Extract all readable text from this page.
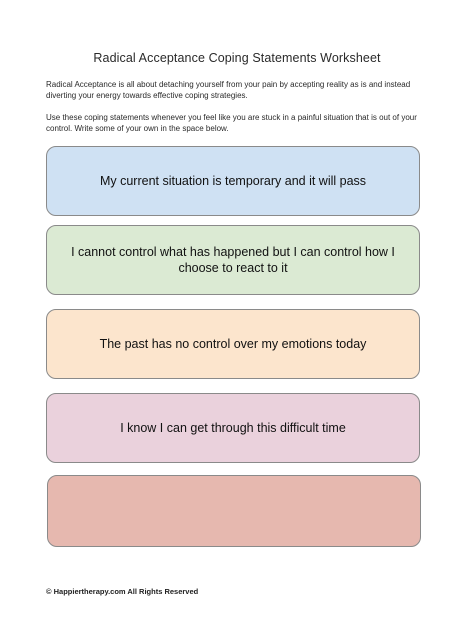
Radical Acceptance Coping Statements Worksheet

Radical Acceptance is all about detaching yourself from your pain by accepting reality as is and instead diverting your energy towards effective coping strategies.

Use these coping statements whenever you feel like you are stuck in a painful situation that is out of your control. Write some of your own in the space below.

My current situation is temporary and it will pass
I cannot control what has happened but I can control how I choose to react to it
The past has no control over my emotions today
I know I can get through this difficult time
© Happiertherapy.com All Rights Reserved
